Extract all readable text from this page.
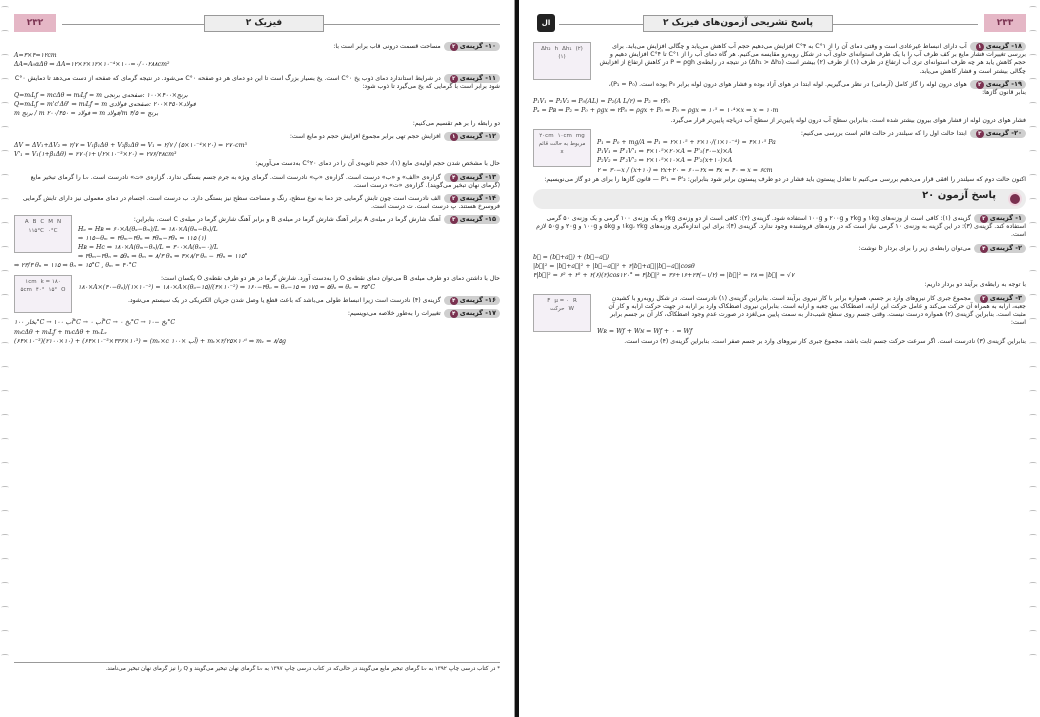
۲۳۲	فیزیک ۲
۱۰- گزینه‌ی۲مساحت قسمت درونی قاب برابر است با:
A=۳×۴=۱۲cm
ΔA=A₀αΔθ ⇒ ΔA=۱۲×۲×۱۲×۱۰⁻⁴×۱۰۰=۰/۰۰۲۸۸cm²
۱۱- گزینه‌ی۲در شرایط استاندارد دمای ذوب یخ ۰°C است. یخ بسیار بزرگ است تا این دو دمای هر دو صفحه ۰°C می‌شود. در نتیجه گرمای که صفحه از دست می‌دهد تا دمایش ۰°C شود برابر است با گرمایی که یخ می‌گیرد تا ذوب شود:
Q=mᵢLƒ = mcΔθ ⇒ mᵢLƒ = m برنج×۴۰۰×۱۰۰ :صفحه‌ی برنجی
Q=mᵢLƒ = m'c'Δθ' ⇒ mᵢLƒ = m فولاد×۴۵۰×۲۰۰ :صفحه‌ی فولادی
m برنج / m فولاد = ۲۰۰/۴۵۰ ⇒ m فولاد/m برنج = ۴/۵
دو رابطه را بر هم تقسیم می‌کنیم:
۱۲- گزینه‌ی۱افزایش حجم تهی برابر مجموع افزایش حجم دو مایع است:
ΔV = ΔV₁+ΔV₂ ⇒ ۲/۷ = V₁β₁Δθ + V₂β₂Δθ ⇒ V₁ = ۲/۷ / (۵×۱۰⁻⁴×۲۰) = ۲۷۰cm³
V'₁ = V₁(۱+β₁Δθ) = ۲۷۰(۱+۱/۲×۱۰⁻³×۲۰) = ۲۷۶/۴۸cm³
حال با مشخص شدن حجم اولیه‌ی مایع (۱)، حجم ثانویه‌ی آن را در دمای ۲۰°C به‌دست می‌آوریم:
۱۳- گزینه‌ی۴گزاره‌ی «الف» و «ب» درست است. گزاره‌ی «پ» نادرست است. گرمای ویژه به جرم جسم بستگی ندارد. گزاره‌ی «ت» نادرست است. Lᵥ را گرمای تبخیر مایع (گرمای نهان تبخیر می‌گویند). گزاره‌ی «ت» درست است.
۱۴- گزینه‌ی۲الف نادرست است چون تابش گرمایی جز دما به نوع سطح، رنگ و مساحت سطح نیز بستگی دارد. ب درست است. اجسام در دمای معمولی نیز دارای تابش گرمایی فروسرخ هستند. پ درست است. ت درست است.
A B C M N۱۱۵°C ۰°C
۱۵- گزینه‌ی۳آهنگ شارش گرما در میله‌ی A برابر آهنگ شارش گرما در میله‌ی B و برابر آهنگ شارش گرما در میله‌ی C است، بنابراین:
Hₐ = Hʙ ⇒ ۶۰×A(θₐ−θₘ)/L = ۱۸۰×A(θₘ−θₙ)/L
⇒ ۱۱۵−θₘ = ۳θₘ−۳θₙ ⇒ ۴θₘ−۳θₙ = ۱۱۵ (۱)
Hʙ = Hᴄ ⇒ ۱۸۰×A(θₘ−θₙ)/L = ۳۰۰×A(θₙ−۰)/L
⇒ ۳θₘ−۳θₙ = ۵θₙ ⇒ θₘ = ۸/۳ θₙ ⇒ ۴×۸/۳ θₙ − ۳θₙ = ۱۱۵°
⇒ ۲۳/۳ θₙ = ۱۱۵ ⇒ θₙ = ۱۵°C , θₘ = ۴۰°C
۱cm k = ۱۸۰۵cm ۴۰° ۱۵° O
حال با داشتن دمای دو طرف میله‌ی B می‌توان دمای نقطه‌ی O را به‌دست آورد. شارش گرما در هر دو طرف نقطه‌ی O یکسان است:
۱۸۰×A×(۴۰−θₒ)/(۱×۱۰⁻²) = ۱۸۰×A×(θₒ−۱۵)/(۴×۱۰⁻²) ⇒ ۱۶۰−۴θₒ = θₒ−۱۵ ⇒ ۱۷۵ = ۵θₒ ⇒ θₒ = ۳۵°C
۱۶- گزینه‌ی۴گزینه‌ی (۴) نادرست است زیرا انبساط طولی می‌باشد که باعث قطع یا وصل شدن جریان الکتریکی در یک سیستم می‌شود.
۱۷- گزینه‌ی۴تغییرات را به‌طور خلاصه می‌نویسیم:
بخار ۱۰۰°C → آب ۱۰۰°C → آب ۰°C → یخ ۰°C → یخ −۱۰°C
mᵢcΔθ + mᵢLƒ + mᵢcΔθ + mᵥLᵥ
(۶۴×۱۰⁻³)(۲۱۰۰×۱۰) + (۶۴×۱۰⁻³×۳۳۶×۱۰³) = (mᵥ×c آب ×۱۰۰) + mᵥ×۲/۲۵×۱۰⁶ ⇒ mᵥ = ۸/۵g
* در کتاب درسی چاپ ۱۳۹۲ به Lᵥ گرمای تبخیر مایع می‌گویند در حالی‌که در کتاب درسی چاپ ۱۳۹۷ به Lᵥ گرمای نهان تبخیر می‌گویند و Q را نیز گرمای نهان تبخیر می‌نامند.
ال	پاسخ تشریحی آزمون‌های فیزیک ۲	۲۳۳
Δh₂ h Δh₁ (۲)(۱)
۱۸- گزینه‌ی۱آب دارای انبساط غیرعادی است و وقتی دمای آن را از ۱°C به ۴°C افزایش می‌دهیم حجم آب کاهش می‌یابد و چگالی افزایش می‌یابد. برای بررسی تغییرات فشار مایع بر کف ظرف آب را با یک ظرف استوانه‌ای حاوی آب در شکل روبه‌رو مقایسه می‌کنیم. هر گاه دمای آب را از ۱°C تا ۴°C افزایش دهیم و حجم کاهش یابد هر چه ظرف استوانه‌ای تری آب ارتفاع در ظرف (۱) از ظرف (۲) بیشتر است (Δh₁ > Δh₂) در نتیجه در رابطه‌ی P = ρgh در کاهش ارتفاع از افزایش چگالی بیشتر است و فشار کاهش می‌یابد.
۱۹- گزینه‌ی۲هوای درون لوله را گاز کامل (آرمانی) در نظر می‌گیریم. لوله ابتدا در هوای آزاد بوده و فشار هوای درون لوله برابر P₀ بوده است. (P₁ = P₀)، بنابر قانون گازها:
P₁V₁ = P₂V₂ ⇒ P₀(AL) = P₂(A L/۲) ⇒ P₂ = ۲P₀
Pₐ = Pʙ ⇒ P₂ = P₀ + ρgx ⇒ ۲P₀ = ρgx + P₀ ⇒ P₀ = ρgx ⇒ ۱۰⁵ = ۱۰⁴×x ⇒ x = ۱۰m
فشار هوای درون لوله از فشار هوای بیرون بیشتر شده است. بنابراین سطح آب درون لوله پایین‌تر از سطح آب دریاچه پایین‌تر قرار می‌گیرد.
۲۰cm ۱۰cm mgمربوط به حالت قائمx
۲۰- گزینه‌ی۳ابتدا حالت اول را که سیلندر در حالت قائم است بررسی می‌کنیم:
P₁ = P₀ + mg/A ⇒ P₁ = ۲×۱۰⁵ + ۲×۱۰/(۱×۱۰⁻⁴) = ۴×۱۰⁵ Pa
P₁V₁ = P'₁V'₁ ⇒ ۴×۱۰⁵×۲۰×A = P'₁(۳۰−x)×A
P₂V₂ = P'₂V'₂ ⇒ ۲×۱۰⁵×۱۰×A = P'₂(x+۱۰)×A
۲ = ۳۰−x / (x+۱۰) ⇒ ۲x+۲۰ = ۶۰−۲x ⇒ ۴x = ۴۰ ⇒ x = ۶cm
اکنون حالت دوم که سیلندر را افقی قرار می‌دهیم بررسی می‌کنیم تا تعادل پیستون باید فشار در دو طرف پیستون برابر شود بنابراین: P'₁ = P'₂ — قانون گازها را برای هر دو گاز می‌نویسیم:
پاسخ آزمون ۲۰
۱- گزینه‌ی۲گزینه‌ی (۱): کافی است از وزنه‌های ۱kg و ۲kg و ۲۰۰g و ۱۰۰g استفاده شود. گزینه‌ی (۲): کافی است از دو وزنه‌ی ۲kg و یک وزنه‌ی ۱۰۰ گرمی و یک وزنه‌ی ۵۰ گرمی استفاده کند. گزینه‌ی (۳): در این گزینه به وزنه‌ی ۱۰ گرمی نیاز است که در وزنه‌های فروشنده وجود ندارد. گزینه‌ی (۴): برای این اندازه‌گیری وزنه‌های ۱kg، ۲kg و ۵kg و ۱۰۰g و ۲۰g و ۵۰g لازم است.
۲- گزینه‌ی۴می‌توان رابطه‌ی زیر را برای بردار b نوشت:
b⃗ = (b⃗+a⃗) + (b⃗−a⃗)
|b⃗|² = |b⃗+a⃗|² + |b⃗−a⃗|² + ۲|b⃗+a⃗||b⃗−a⃗|cosθ
۴|b⃗|² = ۶² + ۲² + ۲(۶)(۲)cos۱۲۰° ⇒ ۴|b⃗|² = ۳۶+۱۶+۲۴(−۱/۲) ⇒ |b⃗|² = ۲۸ ⇒ |b⃗| = √۷
با توجه به رابطه‌ی برآیند دو بردار داریم:
F μ = ۰ Rحرکت W
۳- گزینه‌ی۲مجموع جبری کار نیروهای وارد بر جسم، همواره برابر با کار نیروی برآیند است. بنابراین گزینه‌ی (۱) نادرست است. در شکل روبه‌رو با کشیدن جعبه، ارابه به همراه آن حرکت می‌کند و عامل حرکت این ارابه، اصطکاک بین جعبه و ارابه است. بنابراین نیروی اصطکاک وارد بر ارابه در جهت حرکت ارابه و کار آن مثبت است. بنابراین گزینه‌ی (۲) همواره درست نیست. وقتی جسم روی سطح شیب‌دار به سمت پایین می‌لغزد در صورت عدم وجود اصطکاک، کار آن بر جسم برابر است:
Wʀ = Wƒ + Wɴ = Wƒ + ۰ = Wƒ
بنابراین گزینه‌ی (۳) نادرست است. اگر سرعت حرکت جسم ثابت باشد، مجموع جبری کار نیروهای وارد بر جسم صفر است. بنابراین گزینه‌ی (۴) درست است.
